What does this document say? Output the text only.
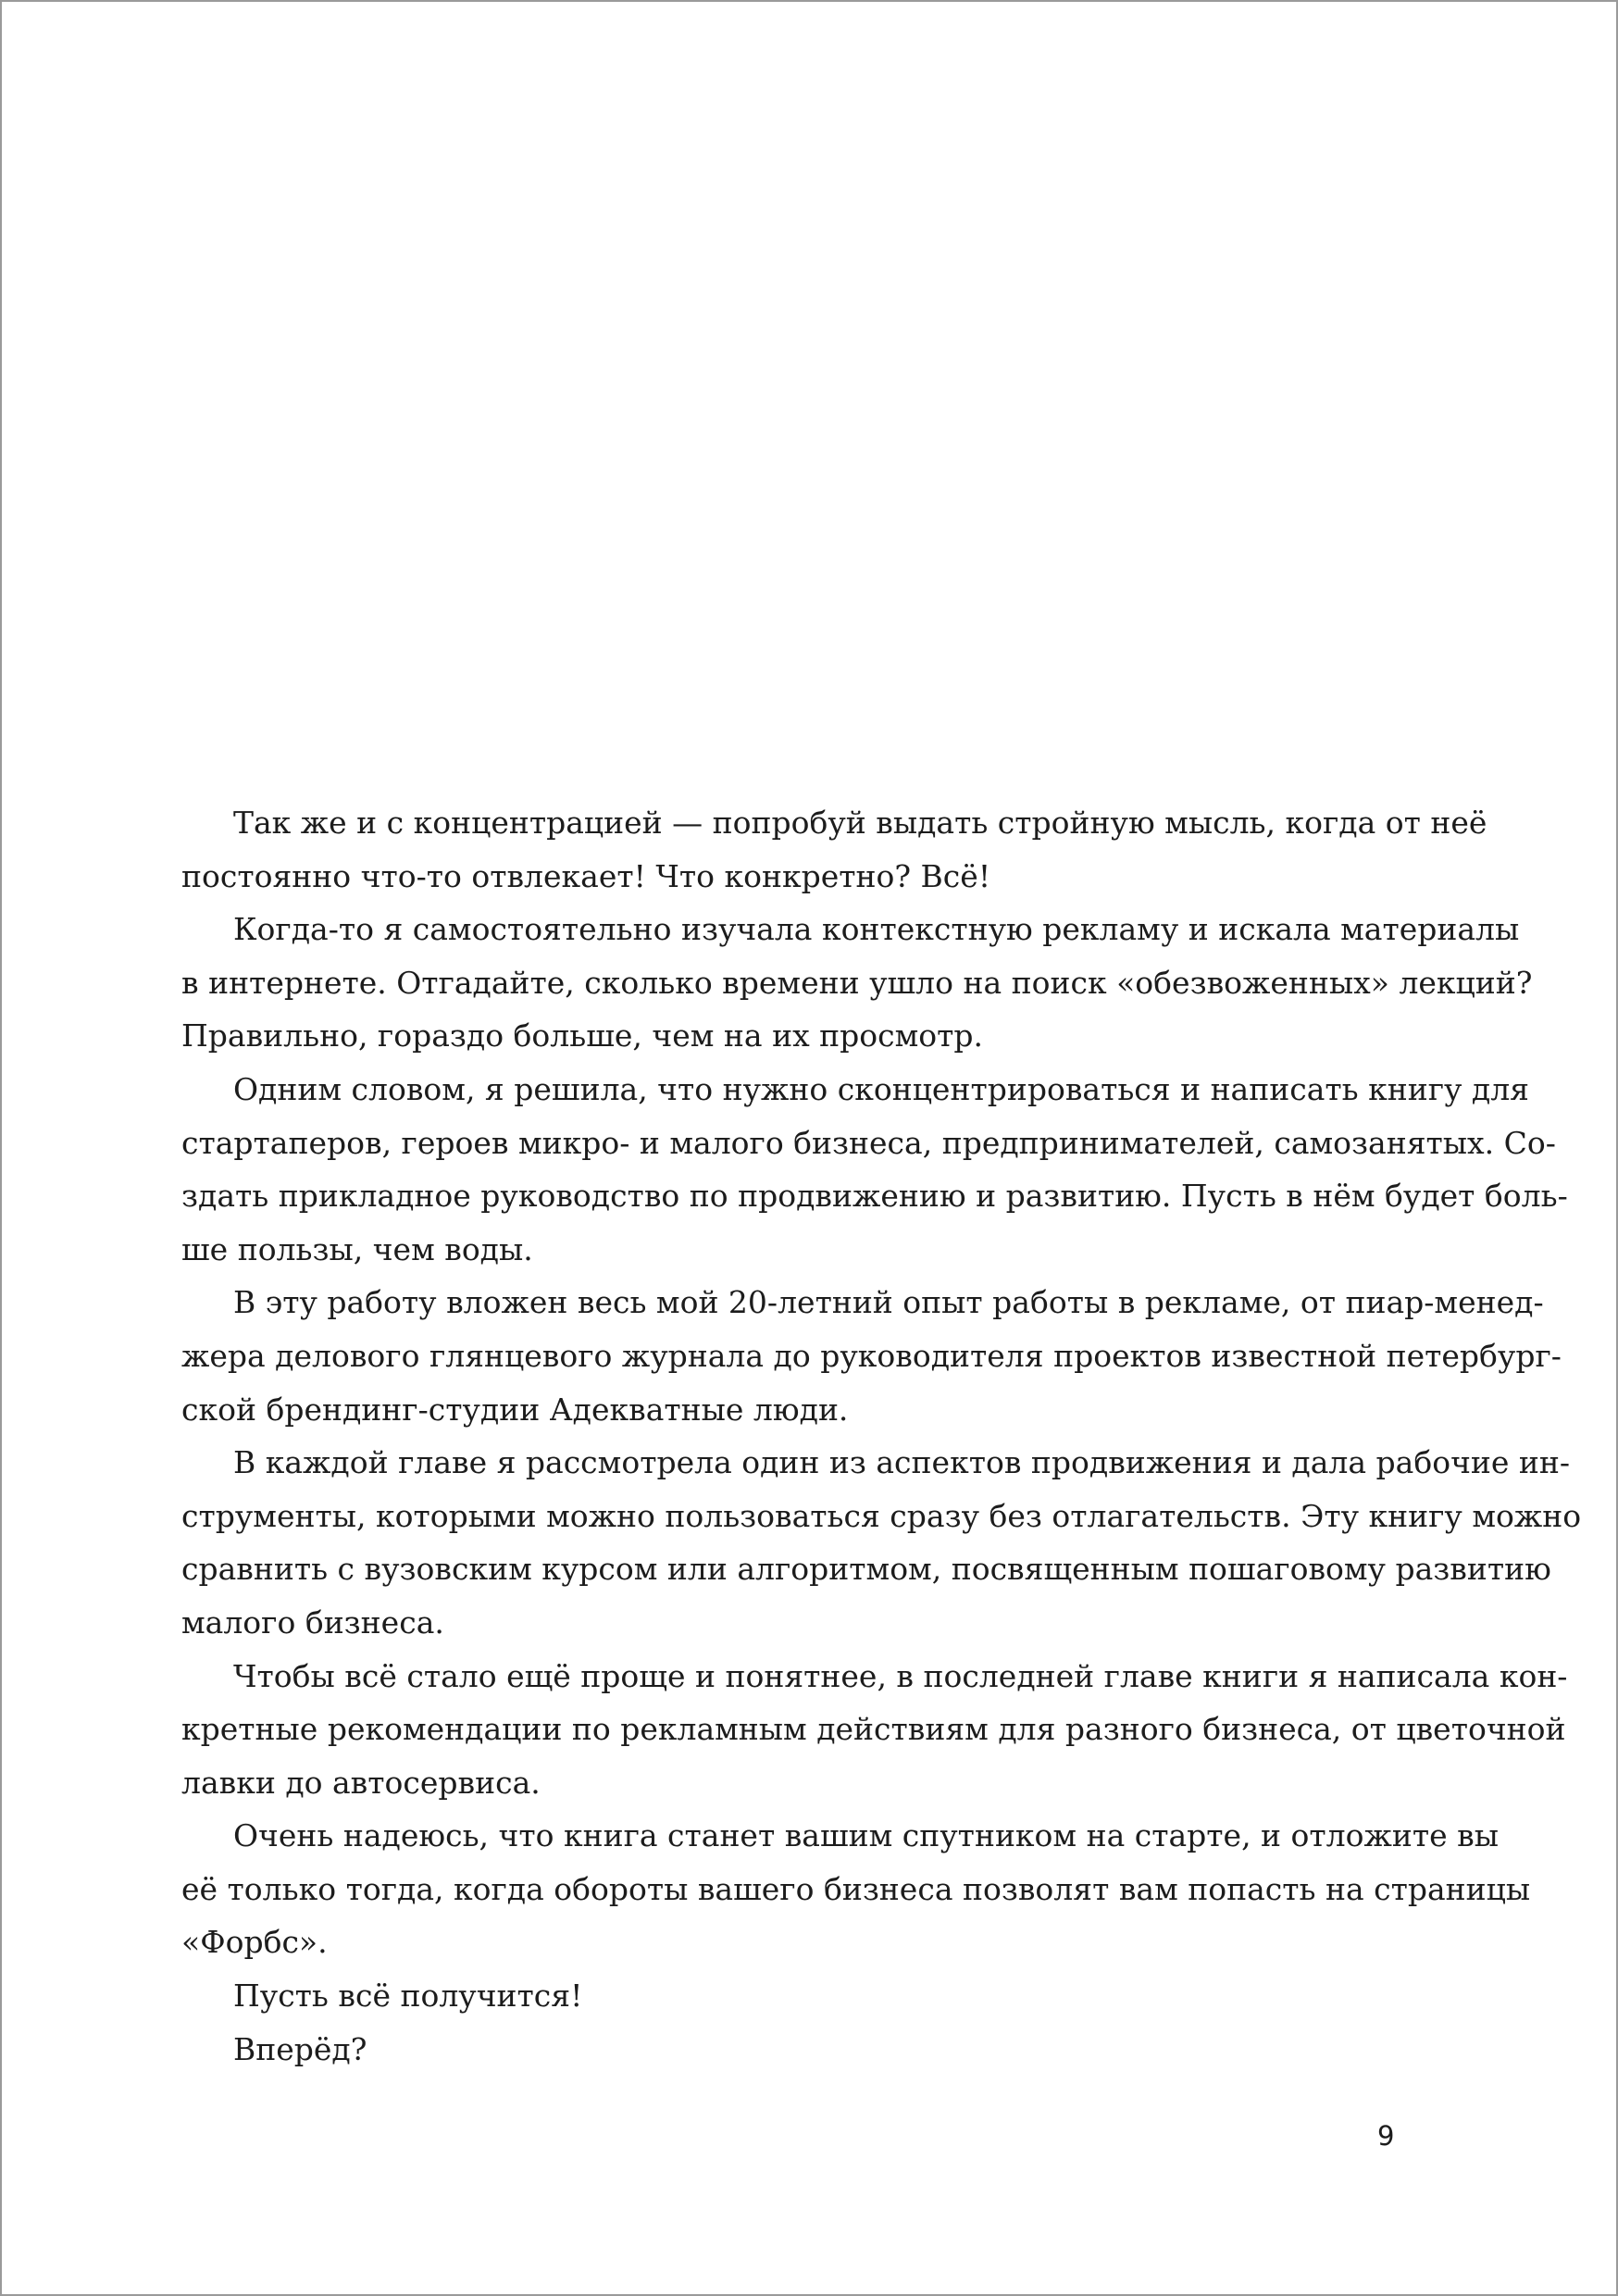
Так же и с концентрацией — попробуй выдать стройную мысль, когда от неё
постоянно что-то отвлекает! Что конкретно? Всё!
Когда-то я самостоятельно изучала контекстную рекламу и искала материалы
в интернете. Отгадайте, сколько времени ушло на поиск «обезвоженных» лекций?
Правильно, гораздо больше, чем на их просмотр.
Одним словом, я решила, что нужно сконцентрироваться и написать книгу для
стартаперов, героев микро- и малого бизнеса, предпринимателей, самозанятых. Со-
здать прикладное руководство по продвижению и развитию. Пусть в нём будет боль-
ше пользы, чем воды.
В эту работу вложен весь мой 20-летний опыт работы в рекламе, от пиар-менед-
жера делового глянцевого журнала до руководителя проектов известной петербург-
ской брендинг-студии Адекватные люди.
В каждой главе я рассмотрела один из аспектов продвижения и дала рабочие ин-
струменты, которыми можно пользоваться сразу без отлагательств. Эту книгу можно
сравнить с вузовским курсом или алгоритмом, посвященным пошаговому развитию
малого бизнеса.
Чтобы всё стало ещё проще и понятнее, в последней главе книги я написала кон-
кретные рекомендации по рекламным действиям для разного бизнеса, от цветочной
лавки до автосервиса.
Очень надеюсь, что книга станет вашим спутником на старте, и отложите вы
её только тогда, когда обороты вашего бизнеса позволят вам попасть на страницы
«Форбс».
Пусть всё получится!
Вперёд?
9
